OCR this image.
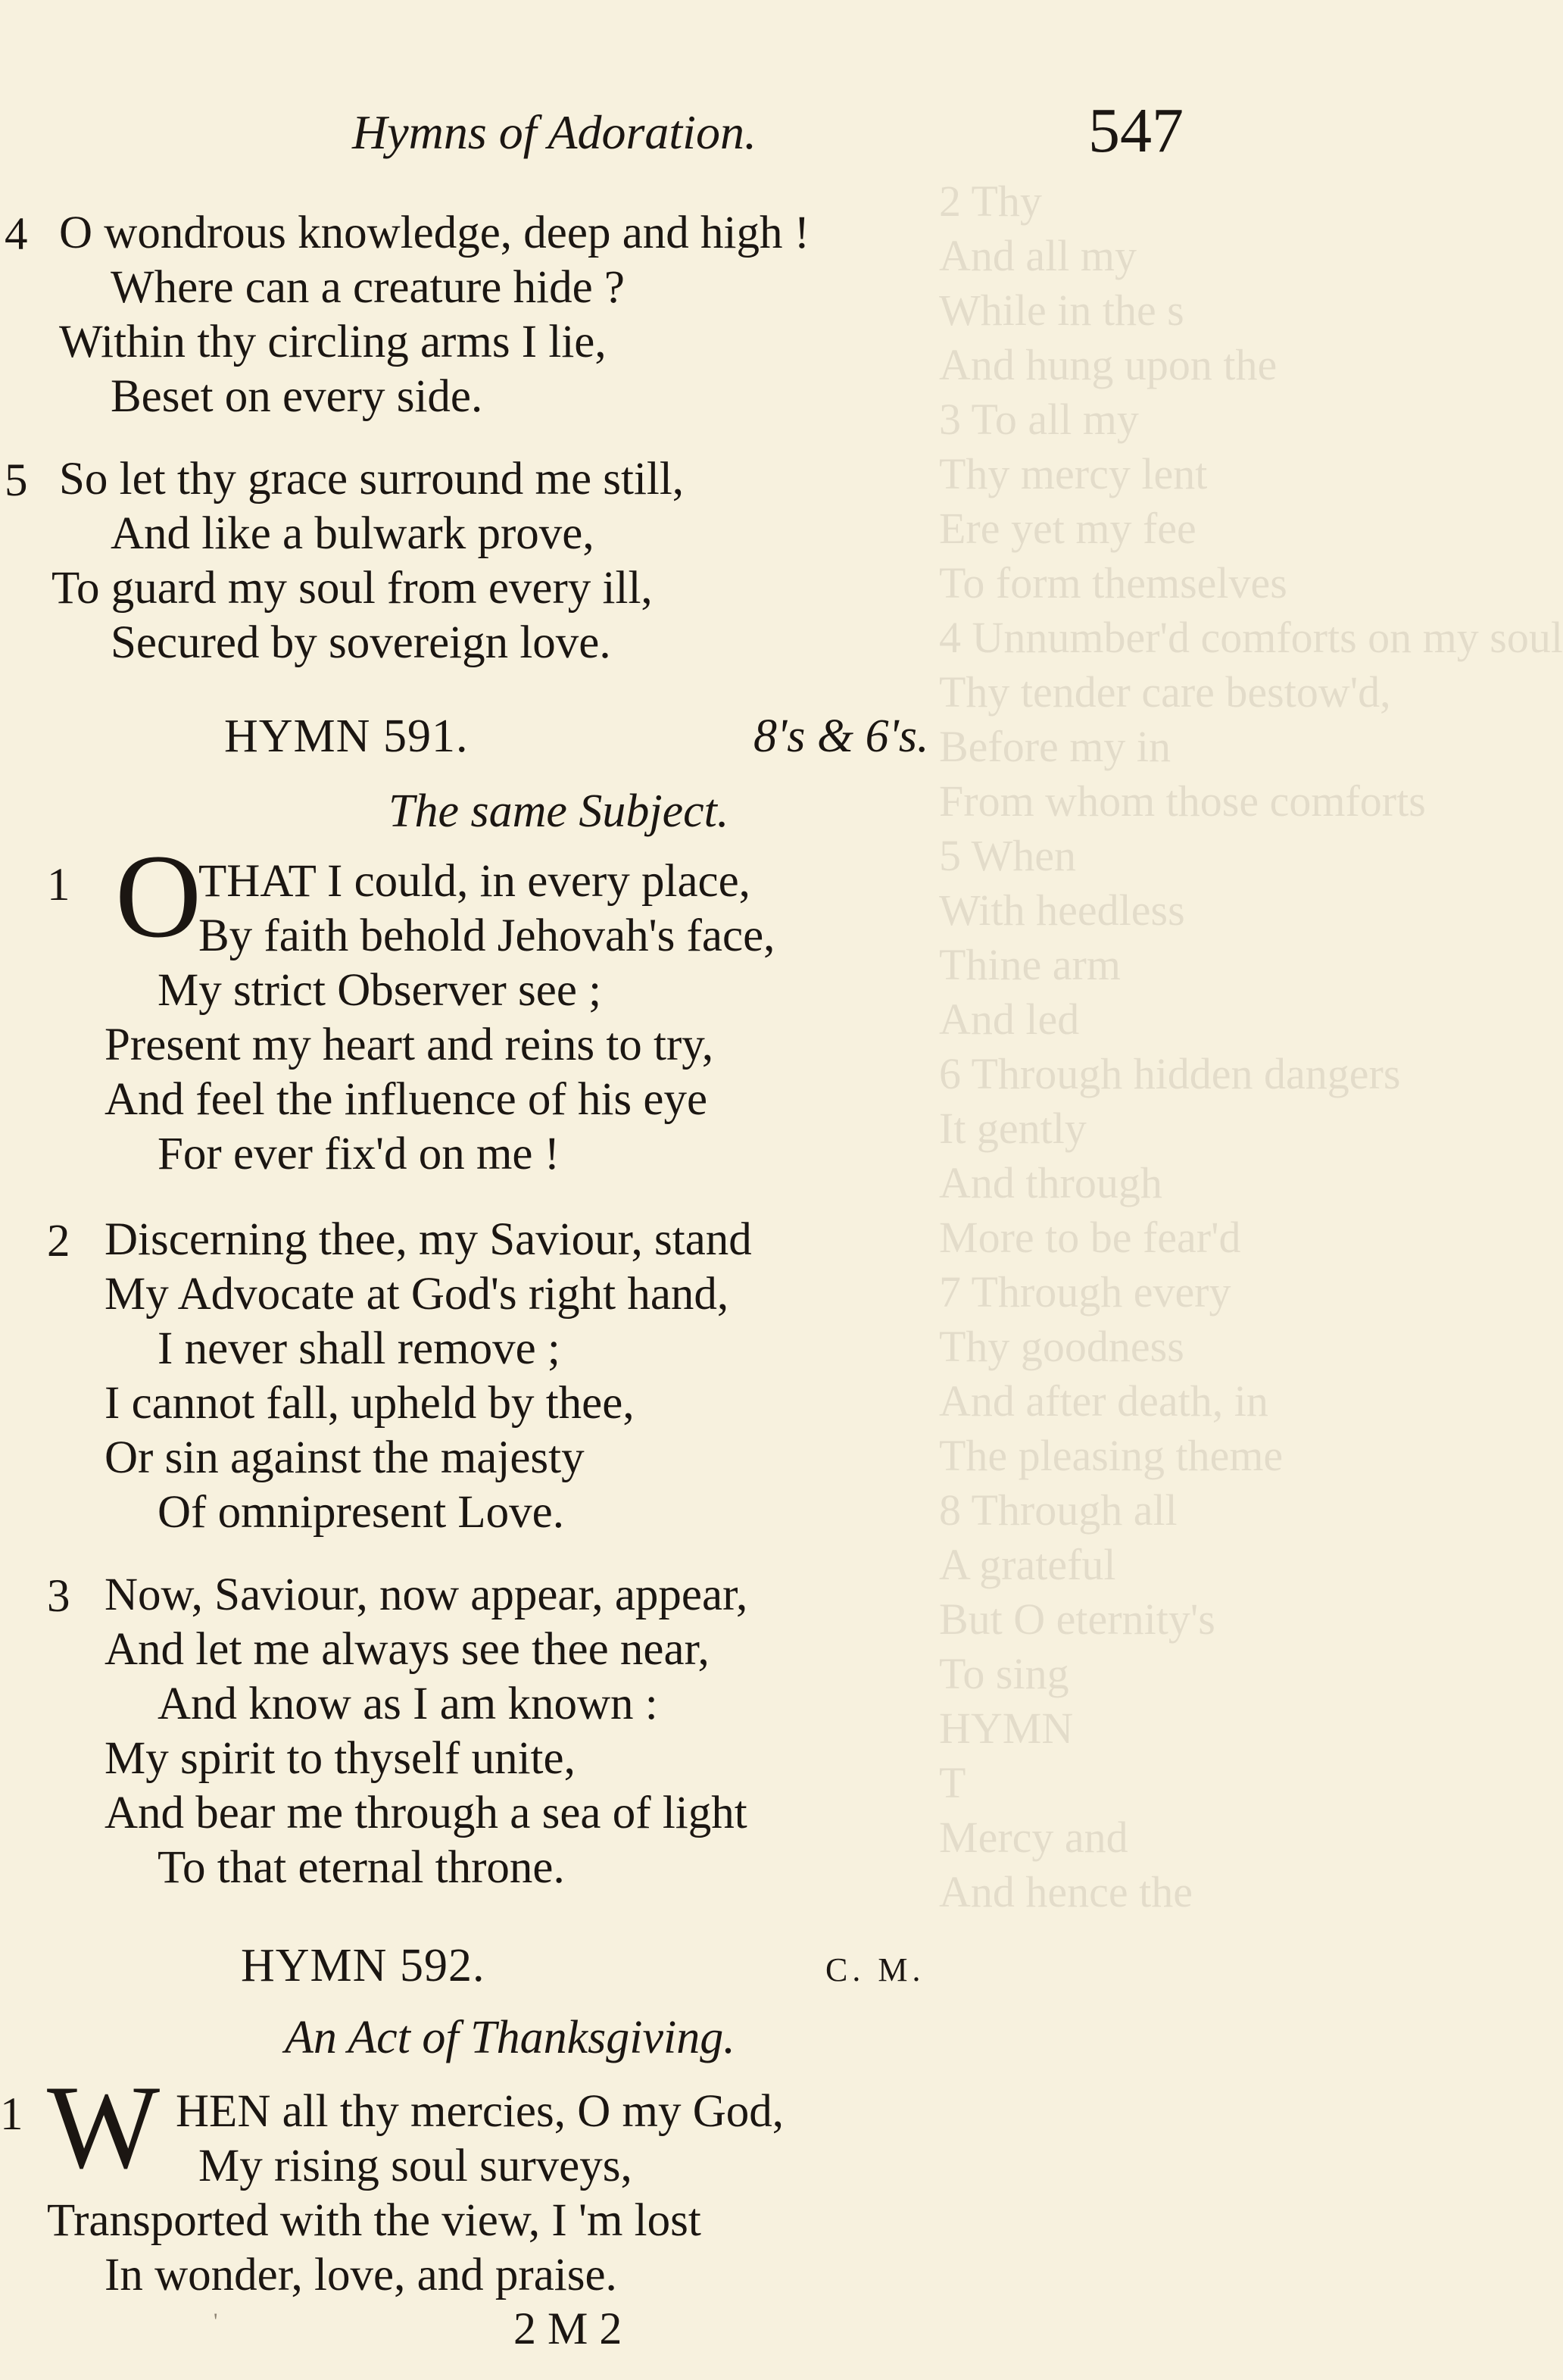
2 Thy
And all my
While in the s
And hung upon the
3 To all my
Thy mercy lent
Ere yet my fee
To form themselves
4 Unnumber'd comforts on my soul
Thy tender care bestow'd,
Before my in
From whom those comforts
5 When
With heedless
Thine arm
And led
6 Through hidden dangers
It gently
And through
More to be fear'd
7 Through every
Thy goodness
And after death, in
The pleasing theme
8 Through all
A grateful
But O eternity's
To sing
HYMN
T
Mercy and
And hence the
Hymns of Adoration.	547
4 O wondrous knowledge, deep and high !
Where can a creature hide ?
Within thy circling arms I lie,
Beset on every side.
5 So let thy grace surround me still,
And like a bulwark prove,
To guard my soul from every ill,
Secured by sovereign love.
HYMN 591.	8's & 6's.
The same Subject.
1 O
THAT I could, in every place,
By faith behold Jehovah's face,
My strict Observer see ;
Present my heart and reins to try,
And feel the influence of his eye
For ever fix'd on me !
2 Discerning thee, my Saviour, stand
My Advocate at God's right hand,
I never shall remove ;
I cannot fall, upheld by thee,
Or sin against the majesty
Of omnipresent Love.
3 Now, Saviour, now appear, appear,
And let me always see thee near,
And know as I am known :
My spirit to thyself unite,
And bear me through a sea of light
To that eternal throne.
HYMN 592.	C. M.
An Act of Thanksgiving.
1 W HEN all thy mercies, O my God,
My rising soul surveys,
Transported with the view, I 'm lost
In wonder, love, and praise.
'	2 M 2
